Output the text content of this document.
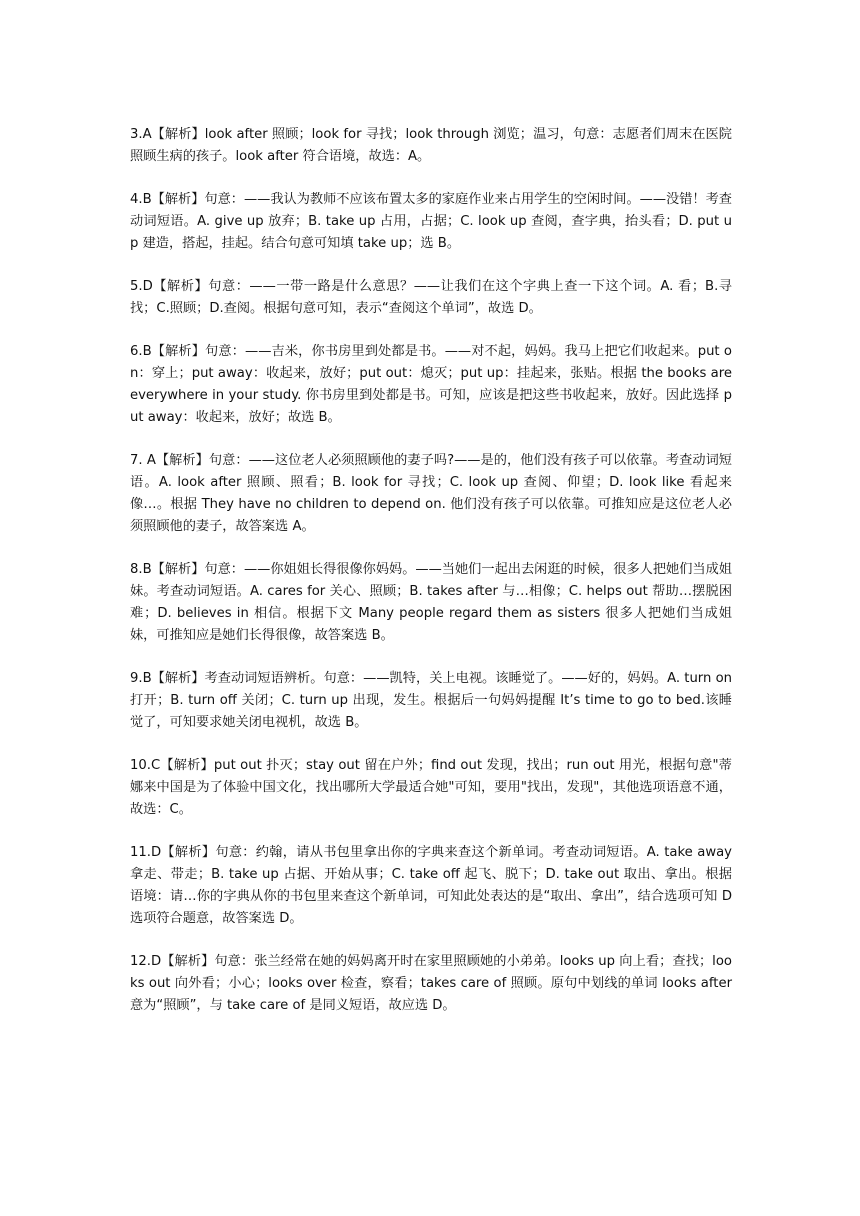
3.A【解析】look after 照顾；look for 寻找；look through 浏览；温习，句意：志愿者们周末在医院照顾生病的孩子。look after 符合语境，故选：A。

4.B【解析】句意：——我认为教师不应该布置太多的家庭作业来占用学生的空闲时间。——没错！考查动词短语。A. give up 放弃；B. take up 占用，占据；C. look up 查阅，查字典，抬头看；D. put up 建造，搭起，挂起。结合句意可知填 take up；选 B。

5.D【解析】句意：——一带一路是什么意思？——让我们在这个字典上查一下这个词。A. 看；B.寻找；C.照顾；D.查阅。根据句意可知，表示“查阅这个单词”，故选 D。

6.B【解析】句意：——吉米，你书房里到处都是书。——对不起，妈妈。我马上把它们收起来。put on：穿上；put away：收起来，放好；put out：熄灭；put up：挂起来，张贴。根据 the books are everywhere in your study. 你书房里到处都是书。可知，应该是把这些书收起来，放好。因此选择 put away：收起来，放好；故选 B。

7. A【解析】句意：——这位老人必须照顾他的妻子吗?——是的，他们没有孩子可以依靠。考查动词短语。A. look after 照顾、照看；B. look for 寻找；C. look up 查阅、仰望；D. look like 看起来像…。根据 They have no children to depend on. 他们没有孩子可以依靠。可推知应是这位老人必须照顾他的妻子，故答案选 A。

8.B【解析】句意：——你姐姐长得很像你妈妈。——当她们一起出去闲逛的时候，很多人把她们当成姐妹。考查动词短语。A. cares for 关心、照顾；B. takes after 与…相像；C. helps out 帮助…摆脱困难；D. believes in 相信。根据下文 Many people regard them as sisters 很多人把她们当成姐妹，可推知应是她们长得很像，故答案选 B。

9.B【解析】考查动词短语辨析。句意：——凯特，关上电视。该睡觉了。——好的，妈妈。A. turn on 打开；B. turn off 关闭；C. turn up 出现，发生。根据后一句妈妈提醒 It’s time to go to bed.该睡觉了，可知要求她关闭电视机，故选 B。

10.C【解析】put out 扑灭；stay out 留在户外；find out 发现，找出；run out 用光，根据句意"蒂娜来中国是为了体验中国文化，找出哪所大学最适合她"可知，要用"找出，发现"，其他选项语意不通，故选：C。

11.D【解析】句意：约翰，请从书包里拿出你的字典来查这个新单词。考查动词短语。A. take away 拿走、带走；B. take up 占据、开始从事；C. take off 起飞、脱下；D. take out 取出、拿出。根据语境：请…你的字典从你的书包里来查这个新单词，可知此处表达的是“取出、拿出”，结合选项可知 D 选项符合题意，故答案选 D。

12.D【解析】句意：张兰经常在她的妈妈离开时在家里照顾她的小弟弟。looks up 向上看；查找；looks out 向外看；小心；looks over 检查，察看；takes care of 照顾。原句中划线的单词 looks after 意为“照顾”，与 take care of 是同义短语，故应选 D。
